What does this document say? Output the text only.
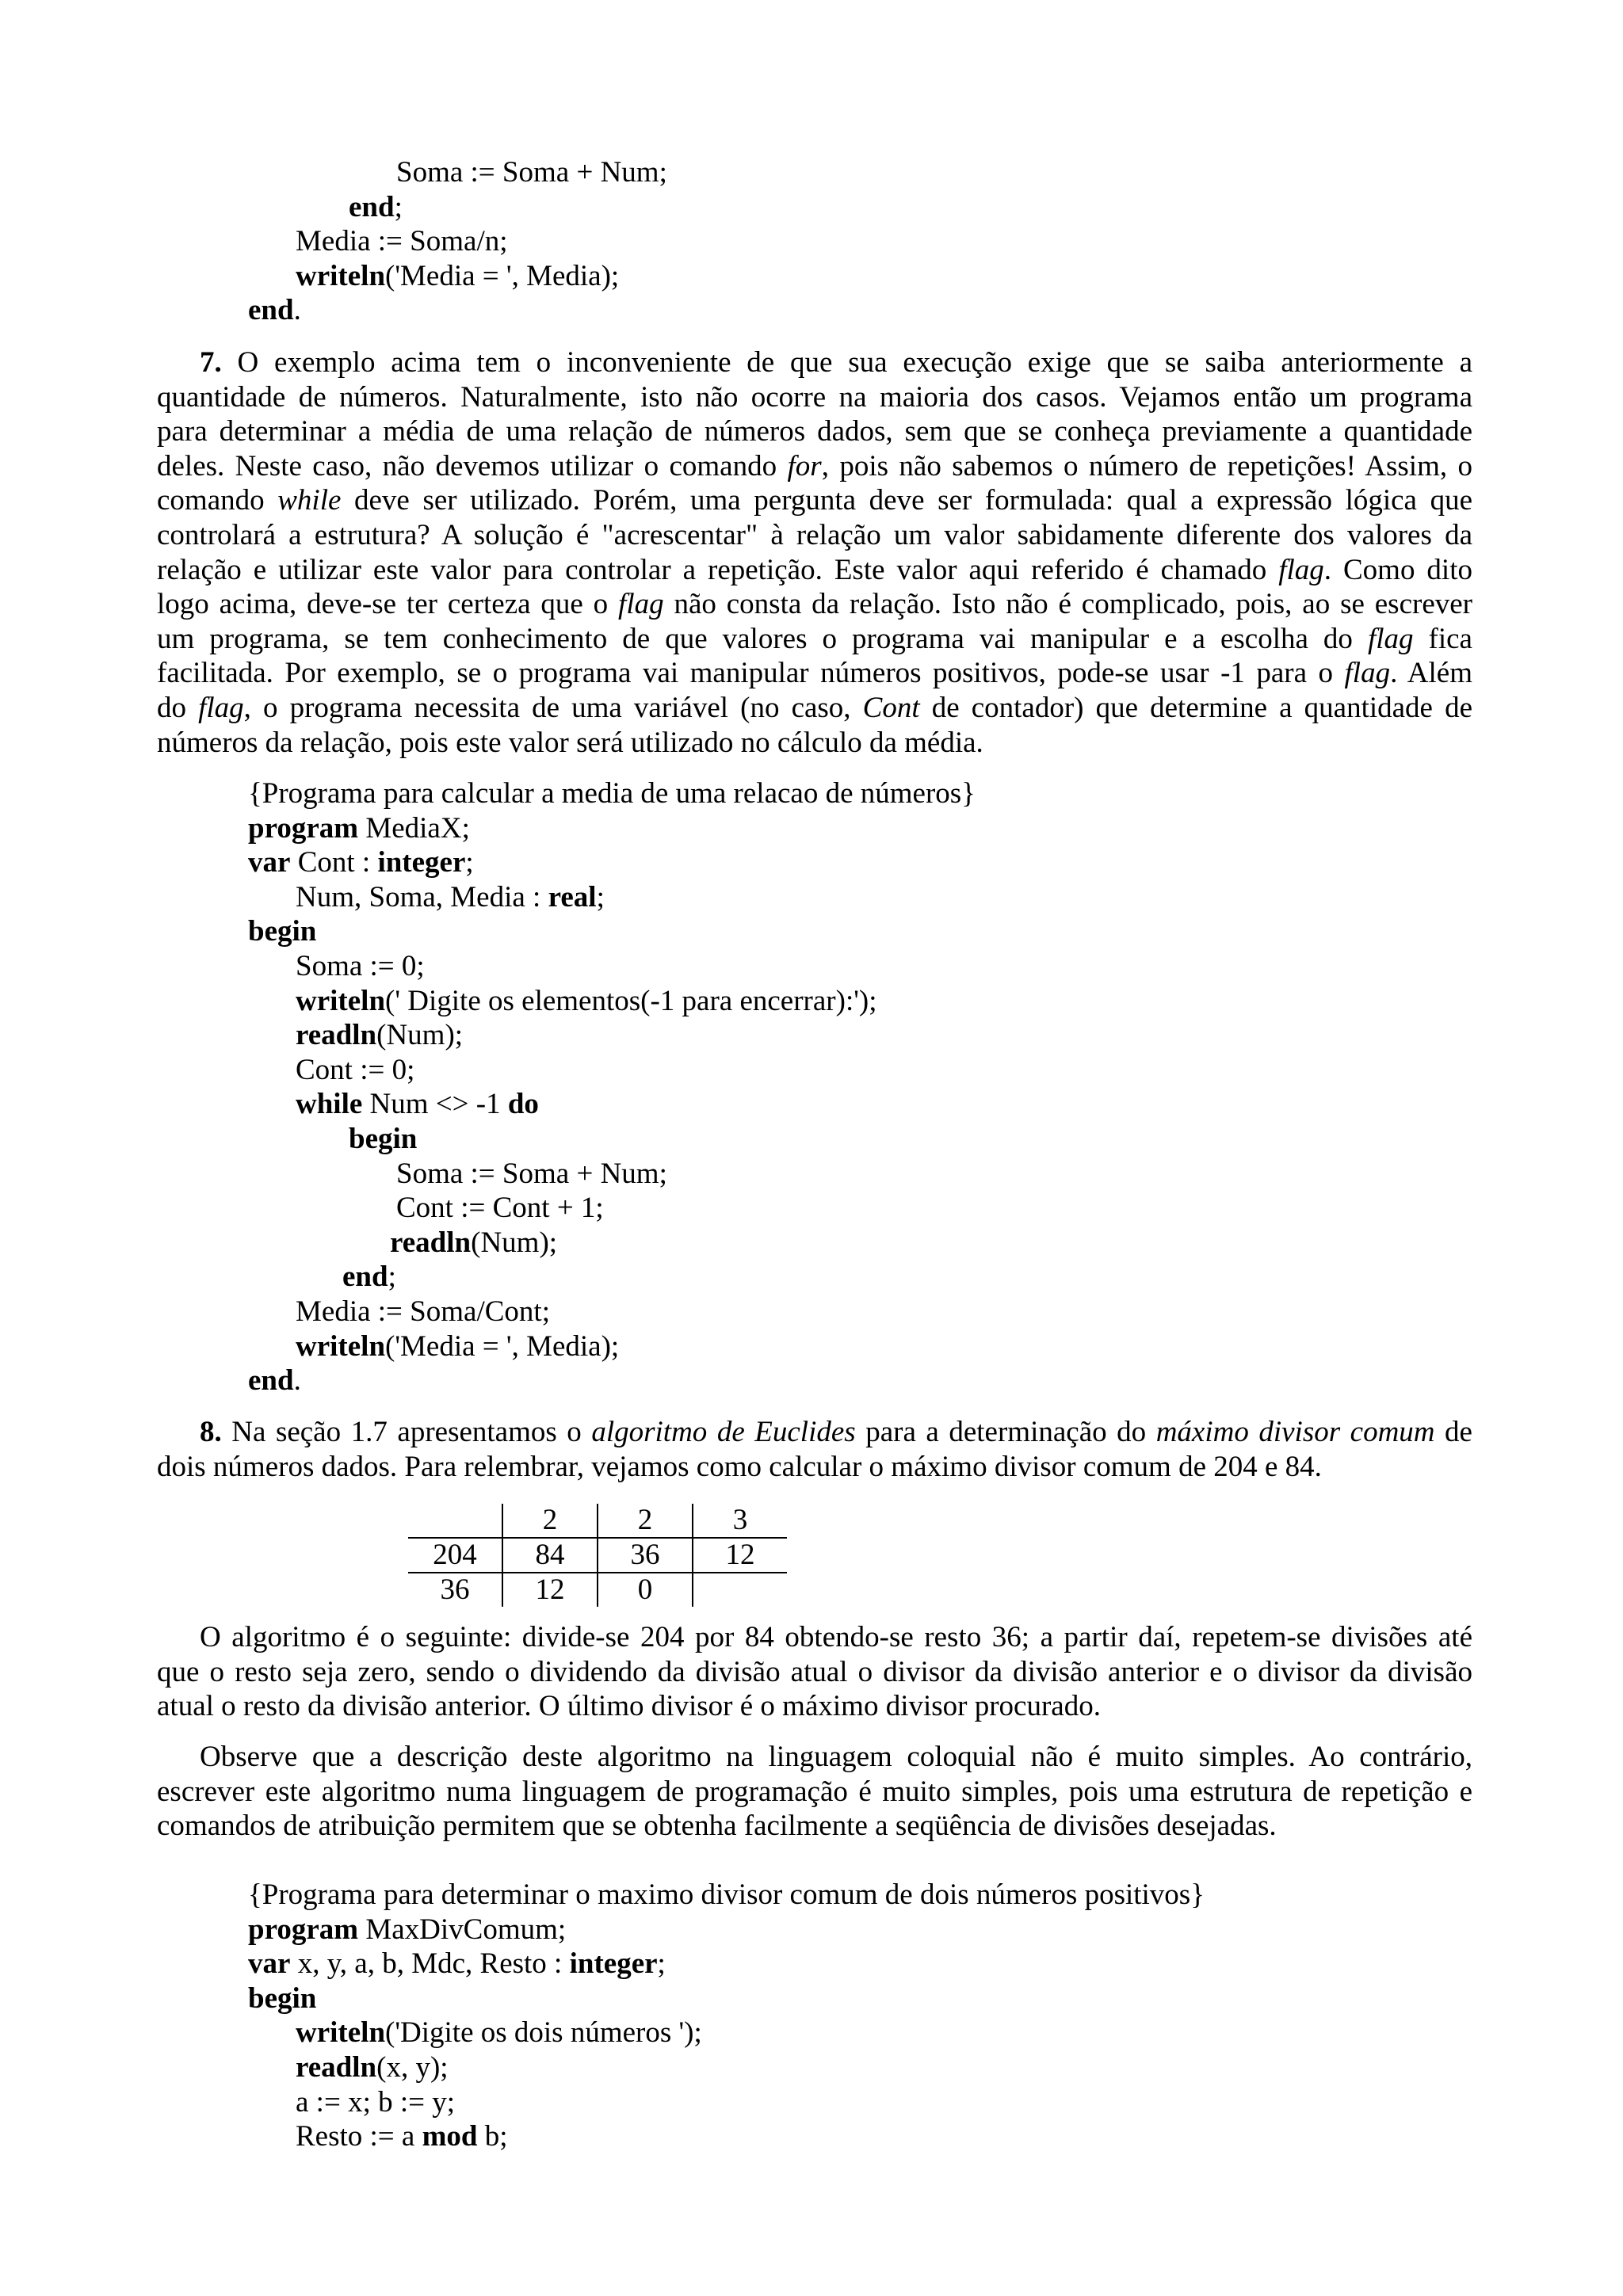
Soma := Soma + Num;
end;
Media := Soma/n;
writeln('Media = ', Media);
end.
7. O exemplo acima tem o inconveniente de que sua execução exige que se saiba anteriormente a
quantidade de números. Naturalmente, isto não ocorre na maioria dos casos. Vejamos então um programa
para determinar a média de uma relação de números dados, sem que se conheça previamente a quantidade
deles. Neste caso, não devemos utilizar o comando for, pois não sabemos o número de repetições! Assim, o
comando while deve ser utilizado. Porém, uma pergunta deve ser formulada: qual a expressão lógica que
controlará a estrutura? A solução é "acrescentar" à relação um valor sabidamente diferente dos valores da
relação e utilizar este valor para controlar a repetição. Este valor aqui referido é chamado flag. Como dito
logo acima, deve-se ter certeza que o flag não consta da relação. Isto não é complicado, pois, ao se escrever
um programa, se tem conhecimento de que valores o programa vai manipular e a escolha do flag fica
facilitada. Por exemplo, se o programa vai manipular números positivos, pode-se usar -1 para o flag. Além
do flag, o programa necessita de uma variável (no caso, Cont de contador) que determine a quantidade de
números da relação, pois este valor será utilizado no cálculo da média.
{Programa para calcular a media de uma relacao de números}
program MediaX;
var Cont : integer;
Num, Soma, Media : real;
begin
Soma := 0;
writeln(' Digite os elementos(-1 para encerrar):');
readln(Num);
Cont := 0;
while Num <> -1 do
begin
Soma := Soma + Num;
Cont := Cont + 1;
readln(Num);
end;
Media := Soma/Cont;
writeln('Media = ', Media);
end.
8. Na seção 1.7 apresentamos o algoritmo de Euclides para a determinação do máximo divisor comum de
dois números dados. Para relembrar, vejamos como calcular o máximo divisor comum de 204 e 84.
	2	2	3
204	84	36	12
36	12	0	
O algoritmo é o seguinte: divide-se 204 por 84 obtendo-se resto 36; a partir daí, repetem-se divisões até
que o resto seja zero, sendo o dividendo da divisão atual o divisor da divisão anterior e o divisor da divisão
atual o resto da divisão anterior. O último divisor é o máximo divisor procurado.
Observe que a descrição deste algoritmo na linguagem coloquial não é muito simples. Ao contrário,
escrever este algoritmo numa linguagem de programação é muito simples, pois uma estrutura de repetição e
comandos de atribuição permitem que se obtenha facilmente a seqüência de divisões desejadas.
{Programa para determinar o maximo divisor comum de dois números positivos}
program MaxDivComum;
var x, y, a, b, Mdc, Resto : integer;
begin
writeln('Digite os dois números ');
readln(x, y);
a := x; b := y;
Resto := a mod b;
